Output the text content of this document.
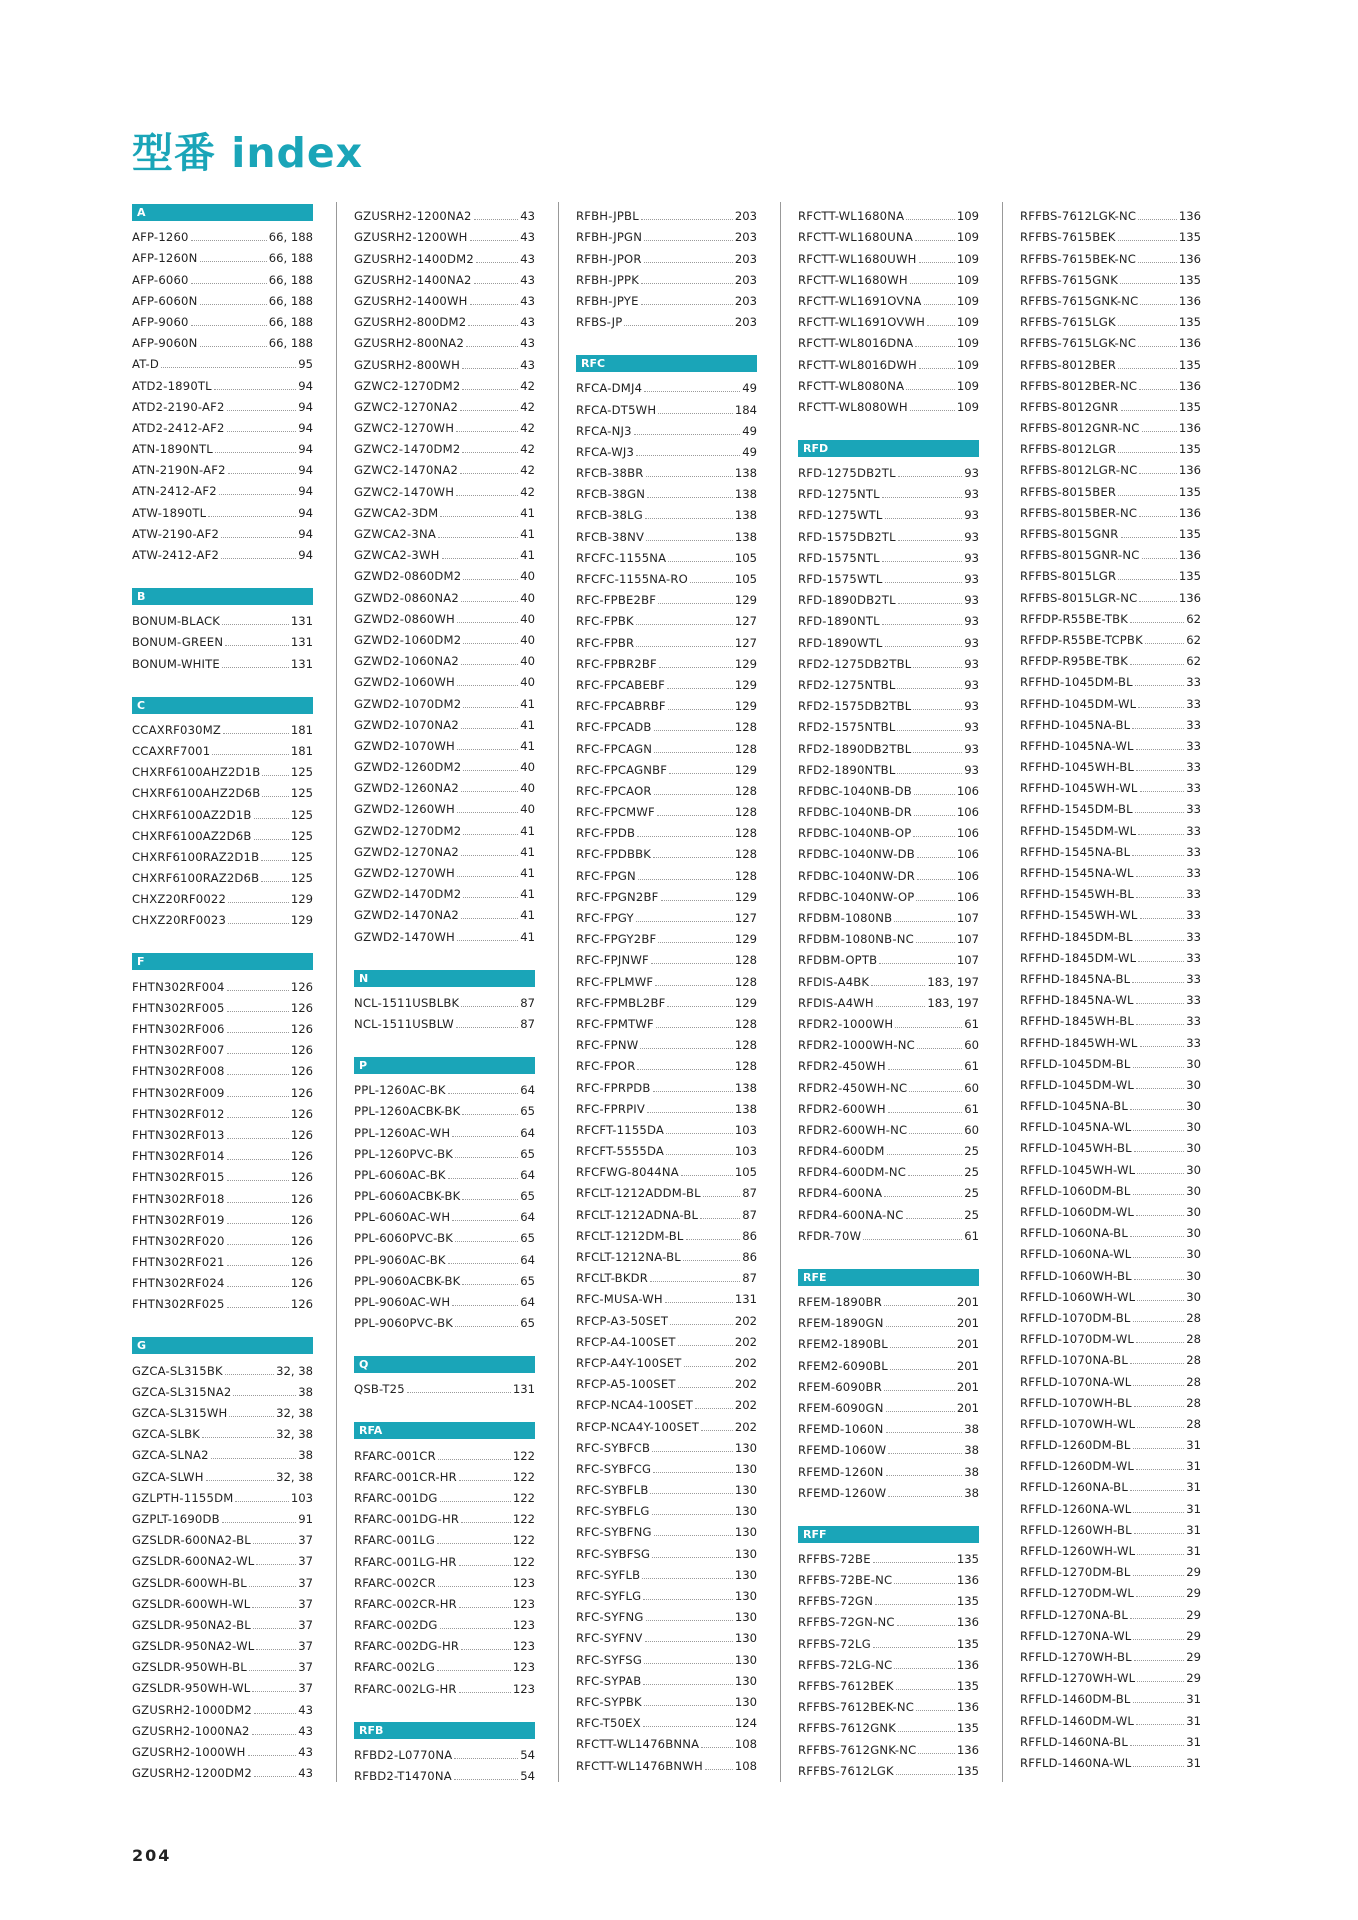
型番 index
A
AFP-1260	66, 188
AFP-1260N	66, 188
AFP-6060	66, 188
AFP-6060N	66, 188
AFP-9060	66, 188
AFP-9060N	66, 188
AT-D	95
ATD2-1890TL	94
ATD2-2190-AF2	94
ATD2-2412-AF2	94
ATN-1890NTL	94
ATN-2190N-AF2	94
ATN-2412-AF2	94
ATW-1890TL	94
ATW-2190-AF2	94
ATW-2412-AF2	94
B
BONUM-BLACK	131
BONUM-GREEN	131
BONUM-WHITE	131
C
CCAXRF030MZ	181
CCAXRF7001	181
CHXRF6100AHZ2D1B	125
CHXRF6100AHZ2D6B	125
CHXRF6100AZ2D1B	125
CHXRF6100AZ2D6B	125
CHXRF6100RAZ2D1B	125
CHXRF6100RAZ2D6B	125
CHXZ20RF0022	129
CHXZ20RF0023	129
F
FHTN302RF004	126
FHTN302RF005	126
FHTN302RF006	126
FHTN302RF007	126
FHTN302RF008	126
FHTN302RF009	126
FHTN302RF012	126
FHTN302RF013	126
FHTN302RF014	126
FHTN302RF015	126
FHTN302RF018	126
FHTN302RF019	126
FHTN302RF020	126
FHTN302RF021	126
FHTN302RF024	126
FHTN302RF025	126
G
GZCA-SL315BK	32, 38
GZCA-SL315NA2	38
GZCA-SL315WH	32, 38
GZCA-SLBK	32, 38
GZCA-SLNA2	38
GZCA-SLWH	32, 38
GZLPTH-1155DM	103
GZPLT-1690DB	91
GZSLDR-600NA2-BL	37
GZSLDR-600NA2-WL	37
GZSLDR-600WH-BL	37
GZSLDR-600WH-WL	37
GZSLDR-950NA2-BL	37
GZSLDR-950NA2-WL	37
GZSLDR-950WH-BL	37
GZSLDR-950WH-WL	37
GZUSRH2-1000DM2	43
GZUSRH2-1000NA2	43
GZUSRH2-1000WH	43
GZUSRH2-1200DM2	43
GZUSRH2-1200NA2	43
GZUSRH2-1200WH	43
GZUSRH2-1400DM2	43
GZUSRH2-1400NA2	43
GZUSRH2-1400WH	43
GZUSRH2-800DM2	43
GZUSRH2-800NA2	43
GZUSRH2-800WH	43
GZWC2-1270DM2	42
GZWC2-1270NA2	42
GZWC2-1270WH	42
GZWC2-1470DM2	42
GZWC2-1470NA2	42
GZWC2-1470WH	42
GZWCA2-3DM	41
GZWCA2-3NA	41
GZWCA2-3WH	41
GZWD2-0860DM2	40
GZWD2-0860NA2	40
GZWD2-0860WH	40
GZWD2-1060DM2	40
GZWD2-1060NA2	40
GZWD2-1060WH	40
GZWD2-1070DM2	41
GZWD2-1070NA2	41
GZWD2-1070WH	41
GZWD2-1260DM2	40
GZWD2-1260NA2	40
GZWD2-1260WH	40
GZWD2-1270DM2	41
GZWD2-1270NA2	41
GZWD2-1270WH	41
GZWD2-1470DM2	41
GZWD2-1470NA2	41
GZWD2-1470WH	41
N
NCL-1511USBLBK	87
NCL-1511USBLW	87
P
PPL-1260AC-BK	64
PPL-1260ACBK-BK	65
PPL-1260AC-WH	64
PPL-1260PVC-BK	65
PPL-6060AC-BK	64
PPL-6060ACBK-BK	65
PPL-6060AC-WH	64
PPL-6060PVC-BK	65
PPL-9060AC-BK	64
PPL-9060ACBK-BK	65
PPL-9060AC-WH	64
PPL-9060PVC-BK	65
Q
QSB-T25	131
RFA
RFARC-001CR	122
RFARC-001CR-HR	122
RFARC-001DG	122
RFARC-001DG-HR	122
RFARC-001LG	122
RFARC-001LG-HR	122
RFARC-002CR	123
RFARC-002CR-HR	123
RFARC-002DG	123
RFARC-002DG-HR	123
RFARC-002LG	123
RFARC-002LG-HR	123
RFB
RFBD2-L0770NA	54
RFBD2-T1470NA	54
RFBH-JPBL	203
RFBH-JPGN	203
RFBH-JPOR	203
RFBH-JPPK	203
RFBH-JPYE	203
RFBS-JP	203
RFC
RFCA-DMJ4	49
RFCA-DT5WH	184
RFCA-NJ3	49
RFCA-WJ3	49
RFCB-38BR	138
RFCB-38GN	138
RFCB-38LG	138
RFCB-38NV	138
RFCFC-1155NA	105
RFCFC-1155NA-RO	105
RFC-FPBE2BF	129
RFC-FPBK	127
RFC-FPBR	127
RFC-FPBR2BF	129
RFC-FPCABEBF	129
RFC-FPCABRBF	129
RFC-FPCADB	128
RFC-FPCAGN	128
RFC-FPCAGNBF	129
RFC-FPCAOR	128
RFC-FPCMWF	128
RFC-FPDB	128
RFC-FPDBBK	128
RFC-FPGN	128
RFC-FPGN2BF	129
RFC-FPGY	127
RFC-FPGY2BF	129
RFC-FPJNWF	128
RFC-FPLMWF	128
RFC-FPMBL2BF	129
RFC-FPMTWF	128
RFC-FPNW	128
RFC-FPOR	128
RFC-FPRPDB	138
RFC-FPRPIV	138
RFCFT-1155DA	103
RFCFT-5555DA	103
RFCFWG-8044NA	105
RFCLT-1212ADDM-BL	87
RFCLT-1212ADNA-BL	87
RFCLT-1212DM-BL	86
RFCLT-1212NA-BL	86
RFCLT-BKDR	87
RFC-MUSA-WH	131
RFCP-A3-50SET	202
RFCP-A4-100SET	202
RFCP-A4Y-100SET	202
RFCP-A5-100SET	202
RFCP-NCA4-100SET	202
RFCP-NCA4Y-100SET	202
RFC-SYBFCB	130
RFC-SYBFCG	130
RFC-SYBFLB	130
RFC-SYBFLG	130
RFC-SYBFNG	130
RFC-SYBFSG	130
RFC-SYFLB	130
RFC-SYFLG	130
RFC-SYFNG	130
RFC-SYFNV	130
RFC-SYFSG	130
RFC-SYPAB	130
RFC-SYPBK	130
RFC-T50EX	124
RFCTT-WL1476BNNA	108
RFCTT-WL1476BNWH	108
RFCTT-WL1680NA	109
RFCTT-WL1680UNA	109
RFCTT-WL1680UWH	109
RFCTT-WL1680WH	109
RFCTT-WL1691OVNA	109
RFCTT-WL1691OVWH	109
RFCTT-WL8016DNA	109
RFCTT-WL8016DWH	109
RFCTT-WL8080NA	109
RFCTT-WL8080WH	109
RFD
RFD-1275DB2TL	93
RFD-1275NTL	93
RFD-1275WTL	93
RFD-1575DB2TL	93
RFD-1575NTL	93
RFD-1575WTL	93
RFD-1890DB2TL	93
RFD-1890NTL	93
RFD-1890WTL	93
RFD2-1275DB2TBL	93
RFD2-1275NTBL	93
RFD2-1575DB2TBL	93
RFD2-1575NTBL	93
RFD2-1890DB2TBL	93
RFD2-1890NTBL	93
RFDBC-1040NB-DB	106
RFDBC-1040NB-DR	106
RFDBC-1040NB-OP	106
RFDBC-1040NW-DB	106
RFDBC-1040NW-DR	106
RFDBC-1040NW-OP	106
RFDBM-1080NB	107
RFDBM-1080NB-NC	107
RFDBM-OPTB	107
RFDIS-A4BK	183, 197
RFDIS-A4WH	183, 197
RFDR2-1000WH	61
RFDR2-1000WH-NC	60
RFDR2-450WH	61
RFDR2-450WH-NC	60
RFDR2-600WH	61
RFDR2-600WH-NC	60
RFDR4-600DM	25
RFDR4-600DM-NC	25
RFDR4-600NA	25
RFDR4-600NA-NC	25
RFDR-70W	61
RFE
RFEM-1890BR	201
RFEM-1890GN	201
RFEM2-1890BL	201
RFEM2-6090BL	201
RFEM-6090BR	201
RFEM-6090GN	201
RFEMD-1060N	38
RFEMD-1060W	38
RFEMD-1260N	38
RFEMD-1260W	38
RFF
RFFBS-72BE	135
RFFBS-72BE-NC	136
RFFBS-72GN	135
RFFBS-72GN-NC	136
RFFBS-72LG	135
RFFBS-72LG-NC	136
RFFBS-7612BEK	135
RFFBS-7612BEK-NC	136
RFFBS-7612GNK	135
RFFBS-7612GNK-NC	136
RFFBS-7612LGK	135
RFFBS-7612LGK-NC	136
RFFBS-7615BEK	135
RFFBS-7615BEK-NC	136
RFFBS-7615GNK	135
RFFBS-7615GNK-NC	136
RFFBS-7615LGK	135
RFFBS-7615LGK-NC	136
RFFBS-8012BER	135
RFFBS-8012BER-NC	136
RFFBS-8012GNR	135
RFFBS-8012GNR-NC	136
RFFBS-8012LGR	135
RFFBS-8012LGR-NC	136
RFFBS-8015BER	135
RFFBS-8015BER-NC	136
RFFBS-8015GNR	135
RFFBS-8015GNR-NC	136
RFFBS-8015LGR	135
RFFBS-8015LGR-NC	136
RFFDP-R55BE-TBK	62
RFFDP-R55BE-TCPBK	62
RFFDP-R95BE-TBK	62
RFFHD-1045DM-BL	33
RFFHD-1045DM-WL	33
RFFHD-1045NA-BL	33
RFFHD-1045NA-WL	33
RFFHD-1045WH-BL	33
RFFHD-1045WH-WL	33
RFFHD-1545DM-BL	33
RFFHD-1545DM-WL	33
RFFHD-1545NA-BL	33
RFFHD-1545NA-WL	33
RFFHD-1545WH-BL	33
RFFHD-1545WH-WL	33
RFFHD-1845DM-BL	33
RFFHD-1845DM-WL	33
RFFHD-1845NA-BL	33
RFFHD-1845NA-WL	33
RFFHD-1845WH-BL	33
RFFHD-1845WH-WL	33
RFFLD-1045DM-BL	30
RFFLD-1045DM-WL	30
RFFLD-1045NA-BL	30
RFFLD-1045NA-WL	30
RFFLD-1045WH-BL	30
RFFLD-1045WH-WL	30
RFFLD-1060DM-BL	30
RFFLD-1060DM-WL	30
RFFLD-1060NA-BL	30
RFFLD-1060NA-WL	30
RFFLD-1060WH-BL	30
RFFLD-1060WH-WL	30
RFFLD-1070DM-BL	28
RFFLD-1070DM-WL	28
RFFLD-1070NA-BL	28
RFFLD-1070NA-WL	28
RFFLD-1070WH-BL	28
RFFLD-1070WH-WL	28
RFFLD-1260DM-BL	31
RFFLD-1260DM-WL	31
RFFLD-1260NA-BL	31
RFFLD-1260NA-WL	31
RFFLD-1260WH-BL	31
RFFLD-1260WH-WL	31
RFFLD-1270DM-BL	29
RFFLD-1270DM-WL	29
RFFLD-1270NA-BL	29
RFFLD-1270NA-WL	29
RFFLD-1270WH-BL	29
RFFLD-1270WH-WL	29
RFFLD-1460DM-BL	31
RFFLD-1460DM-WL	31
RFFLD-1460NA-BL	31
RFFLD-1460NA-WL	31
204
